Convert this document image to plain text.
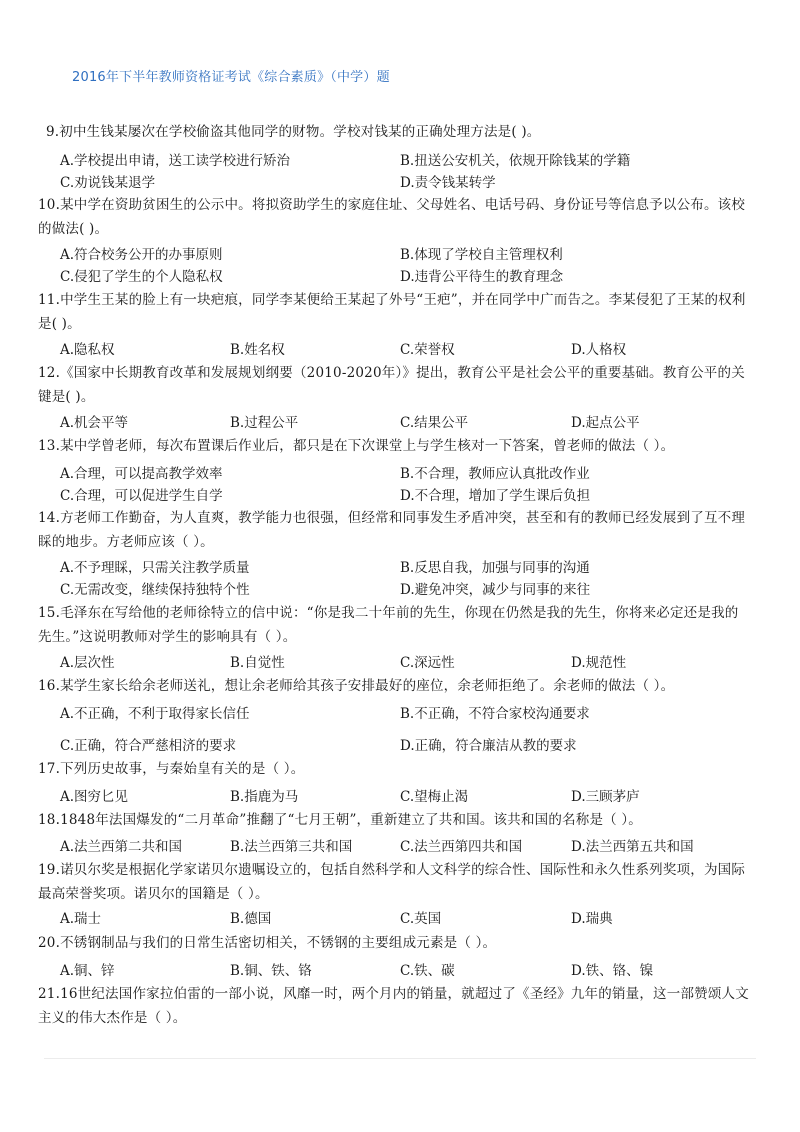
2016年下半年教师资格证考试《综合素质》（中学）题
9.初中生钱某屡次在学校偷盗其他同学的财物。学校对钱某的正确处理方法是( )。
A.学校提出申请，送工读学校进行矫治	B.扭送公安机关，依规开除钱某的学籍
C.劝说钱某退学	D.责令钱某转学
10.某中学在资助贫困生的公示中。将拟资助学生的家庭住址、父母姓名、电话号码、身份证号等信息予以公布。该校的做法( )。
A.符合校务公开的办事原则	B.体现了学校自主管理权利
C.侵犯了学生的个人隐私权	D.违背公平待生的教育理念
11.中学生王某的脸上有一块疤痕，同学李某便给王某起了外号“王疤”，并在同学中广而告之。李某侵犯了王某的权利是( )。
A.隐私权	B.姓名权	C.荣誉权	D.人格权
12.《国家中长期教育改革和发展规划纲要（2010-2020年）》提出，教育公平是社会公平的重要基础。教育公平的关键是( )。
A.机会平等	B.过程公平	C.结果公平	D.起点公平
13.某中学曾老师，每次布置课后作业后，都只是在下次课堂上与学生核对一下答案，曾老师的做法（ ）。
A.合理，可以提高教学效率	B.不合理，教师应认真批改作业
C.合理，可以促进学生自学	D.不合理，增加了学生课后负担
14.方老师工作勤奋，为人直爽，教学能力也很强，但经常和同事发生矛盾冲突，甚至和有的教师已经发展到了互不理睬的地步。方老师应该（ ）。
A.不予理睬，只需关注教学质量	B.反思自我，加强与同事的沟通
C.无需改变，继续保持独特个性	D.避免冲突，减少与同事的来往
15.毛泽东在写给他的老师徐特立的信中说：“你是我二十年前的先生，你现在仍然是我的先生，你将来必定还是我的先生。”这说明教师对学生的影响具有（ ）。
A.层次性	B.自觉性	C.深远性	D.规范性
16.某学生家长给余老师送礼，想让余老师给其孩子安排最好的座位，余老师拒绝了。余老师的做法（ ）。
A.不正确，不利于取得家长信任	B.不正确，不符合家校沟通要求
C.正确，符合严慈相济的要求	D.正确，符合廉洁从教的要求
17.下列历史故事，与秦始皇有关的是（ ）。
A.图穷匕见	B.指鹿为马	C.望梅止渴	D.三顾茅庐
18.1848年法国爆发的“二月革命”推翻了“七月王朝”，重新建立了共和国。该共和国的名称是（ ）。
A.法兰西第二共和国	B.法兰西第三共和国	C.法兰西第四共和国	D.法兰西第五共和国
19.诺贝尔奖是根据化学家诺贝尔遗嘱设立的，包括自然科学和人文科学的综合性、国际性和永久性系列奖项，为国际最高荣誉奖项。诺贝尔的国籍是（ ）。
A.瑞士	B.德国	C.英国	D.瑞典
20.不锈钢制品与我们的日常生活密切相关，不锈钢的主要组成元素是（ ）。
A.铜、锌	B.铜、铁、铬	C.铁、碳	D.铁、铬、镍
21.16世纪法国作家拉伯雷的一部小说，风靡一时，两个月内的销量，就超过了《圣经》九年的销量，这一部赞颂人文主义的伟大杰作是（ ）。
